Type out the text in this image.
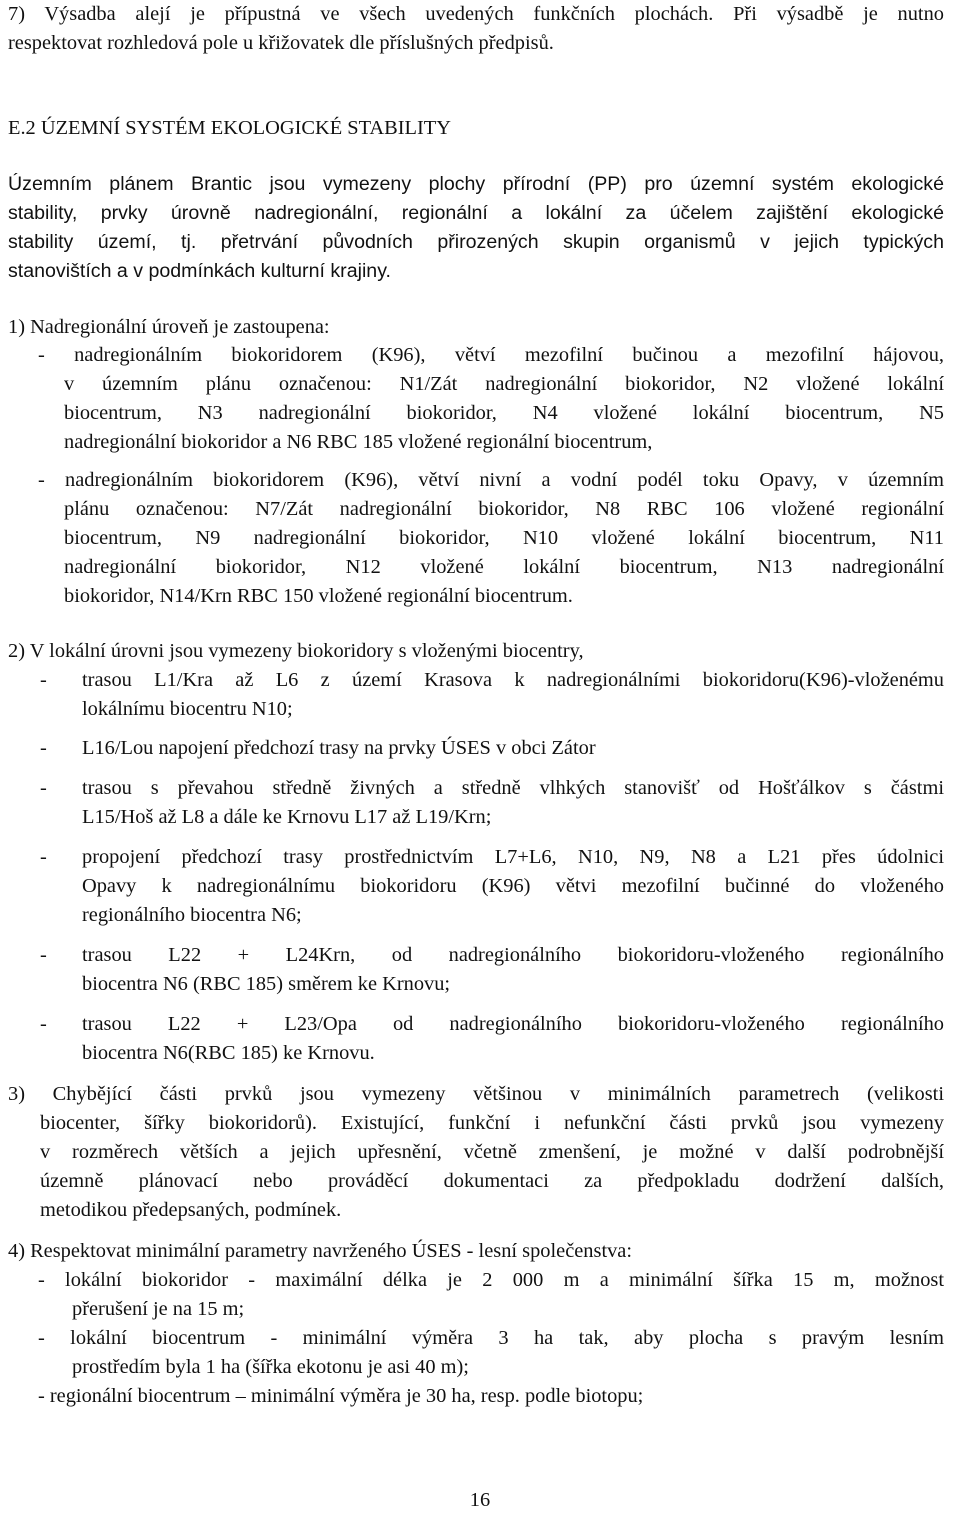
7) Výsadba alejí je přípustná ve všech uvedených funkčních plochách. Při výsadbě je nutno
respektovat rozhledová pole u křižovatek dle příslušných předpisů.
E.2 ÚZEMNÍ SYSTÉM EKOLOGICKÉ STABILITY
Územním plánem Brantic jsou vymezeny plochy přírodní (PP) pro územní systém ekologické
stability, prvky úrovně nadregionální, regionální a lokální za účelem zajištění ekologické
stability území, tj. přetrvání původních přirozených skupin organismů v jejich typických
stanovištích a v podmínkách kulturní krajiny.
1) Nadregionální úroveň je zastoupena:
- nadregionálním biokoridorem (K96), větví mezofilní bučinou a mezofilní hájovou,
v územním plánu označenou: N1/Zát nadregionální biokoridor, N2 vložené lokální
biocentrum, N3 nadregionální biokoridor, N4 vložené lokální biocentrum, N5
nadregionální biokoridor a N6 RBC 185 vložené regionální biocentrum,
- nadregionálním biokoridorem (K96), větví nivní a vodní podél toku Opavy, v územním
plánu označenou: N7/Zát nadregionální biokoridor, N8 RBC 106 vložené regionální
biocentrum, N9 nadregionální biokoridor, N10 vložené lokální biocentrum, N11
nadregionální biokoridor, N12 vložené lokální biocentrum, N13 nadregionální
biokoridor, N14/Krn RBC 150 vložené regionální biocentrum.
2) V lokální úrovni jsou vymezeny biokoridory s vloženými biocentry,
- trasou L1/Kra až L6 z území Krasova k nadregionálními biokoridoru(K96)-vloženému
lokálnímu biocentru N10;
- L16/Lou napojení předchozí trasy na prvky ÚSES v obci Zátor
- trasou s převahou středně živných a středně vlhkých stanovišť od Hošťálkov s částmi
L15/Hoš až L8 a dále ke Krnovu L17 až L19/Krn;
- propojení předchozí trasy prostřednictvím L7+L6, N10, N9, N8 a L21 přes údolnici
Opavy k nadregionálnímu biokoridoru (K96) větvi mezofilní bučinné do vloženého
regionálního biocentra N6;
- trasou L22 + L24Krn, od nadregionálního biokoridoru-vloženého regionálního
biocentra N6 (RBC 185) směrem ke Krnovu;
- trasou L22 + L23/Opa od nadregionálního biokoridoru-vloženého regionálního
biocentra N6(RBC 185) ke Krnovu.
3) Chybějící části prvků jsou vymezeny většinou v minimálních parametrech (velikosti
biocenter, šířky biokoridorů). Existující, funkční i nefunkční části prvků jsou vymezeny
v rozměrech větších a jejich upřesnění, včetně zmenšení, je možné v další podrobnější
územně plánovací nebo prováděcí dokumentaci za předpokladu dodržení dalších,
metodikou předepsaných, podmínek.
4) Respektovat minimální parametry navrženého ÚSES - lesní společenstva:
- lokální biokoridor - maximální délka je 2 000 m a minimální šířka 15 m, možnost
přerušení je na 15 m;
- lokální biocentrum - minimální výměra 3 ha tak, aby plocha s pravým lesním
prostředím byla 1 ha (šířka ekotonu je asi 40 m);
- regionální biocentrum – minimální výměra je 30 ha, resp. podle biotopu;
16
